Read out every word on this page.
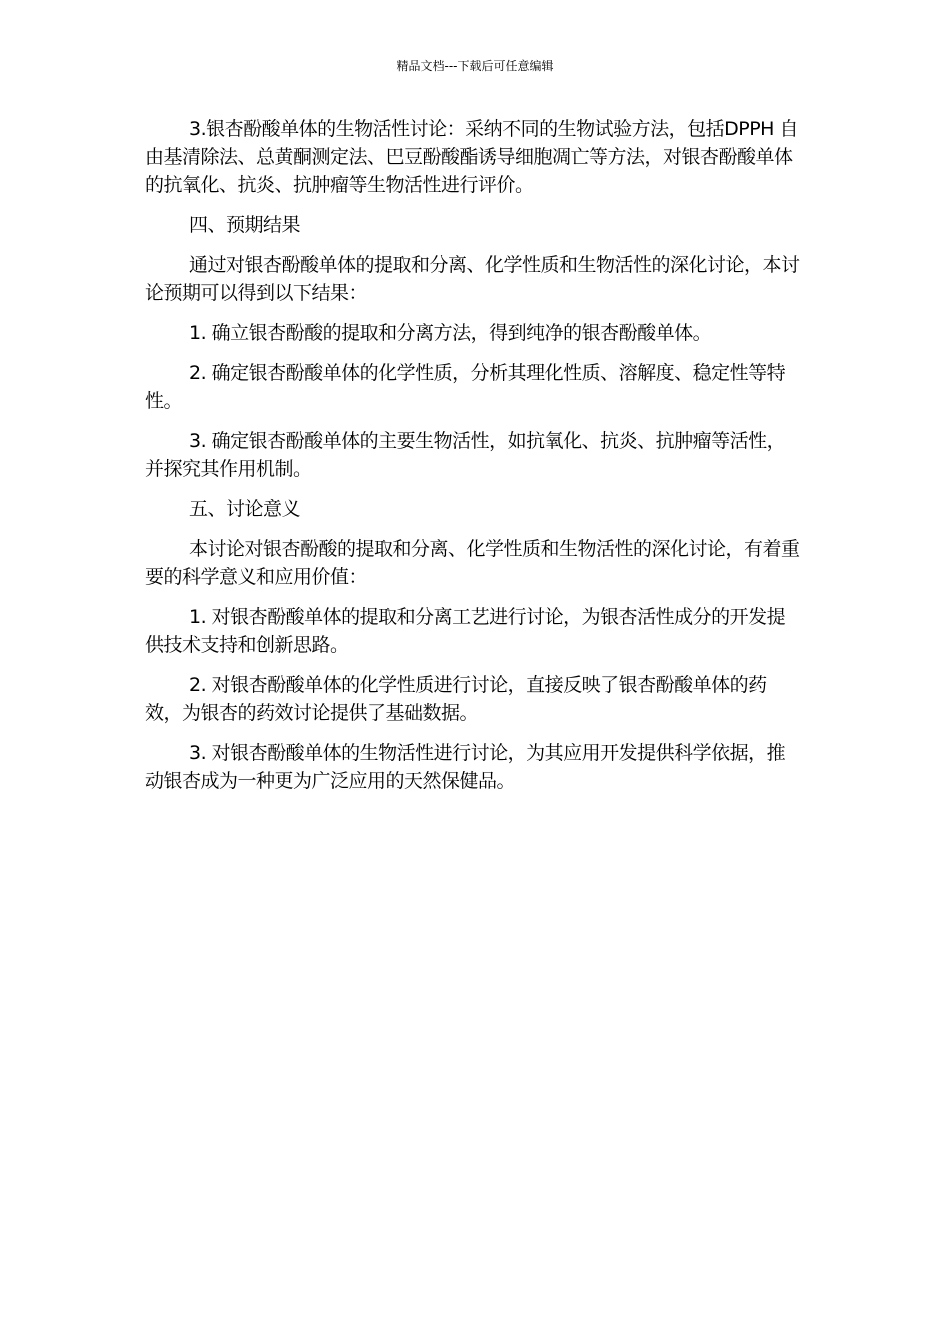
精品文档---下载后可任意编辑

3.银杏酚酸单体的生物活性讨论：采纳不同的生物试验方法，包括DPPH 自由基清除法、总黄酮测定法、巴豆酚酸酯诱导细胞凋亡等方法，对银杏酚酸单体的抗氧化、抗炎、抗肿瘤等生物活性进行评价。

四、预期结果

通过对银杏酚酸单体的提取和分离、化学性质和生物活性的深化讨论，本讨论预期可以得到以下结果：

1. 确立银杏酚酸的提取和分离方法，得到纯净的银杏酚酸单体。

2. 确定银杏酚酸单体的化学性质，分析其理化性质、溶解度、稳定性等特性。

3. 确定银杏酚酸单体的主要生物活性，如抗氧化、抗炎、抗肿瘤等活性，并探究其作用机制。

五、讨论意义

本讨论对银杏酚酸的提取和分离、化学性质和生物活性的深化讨论，有着重要的科学意义和应用价值：

1. 对银杏酚酸单体的提取和分离工艺进行讨论，为银杏活性成分的开发提供技术支持和创新思路。

2. 对银杏酚酸单体的化学性质进行讨论，直接反映了银杏酚酸单体的药效，为银杏的药效讨论提供了基础数据。

3. 对银杏酚酸单体的生物活性进行讨论，为其应用开发提供科学依据，推动银杏成为一种更为广泛应用的天然保健品。
